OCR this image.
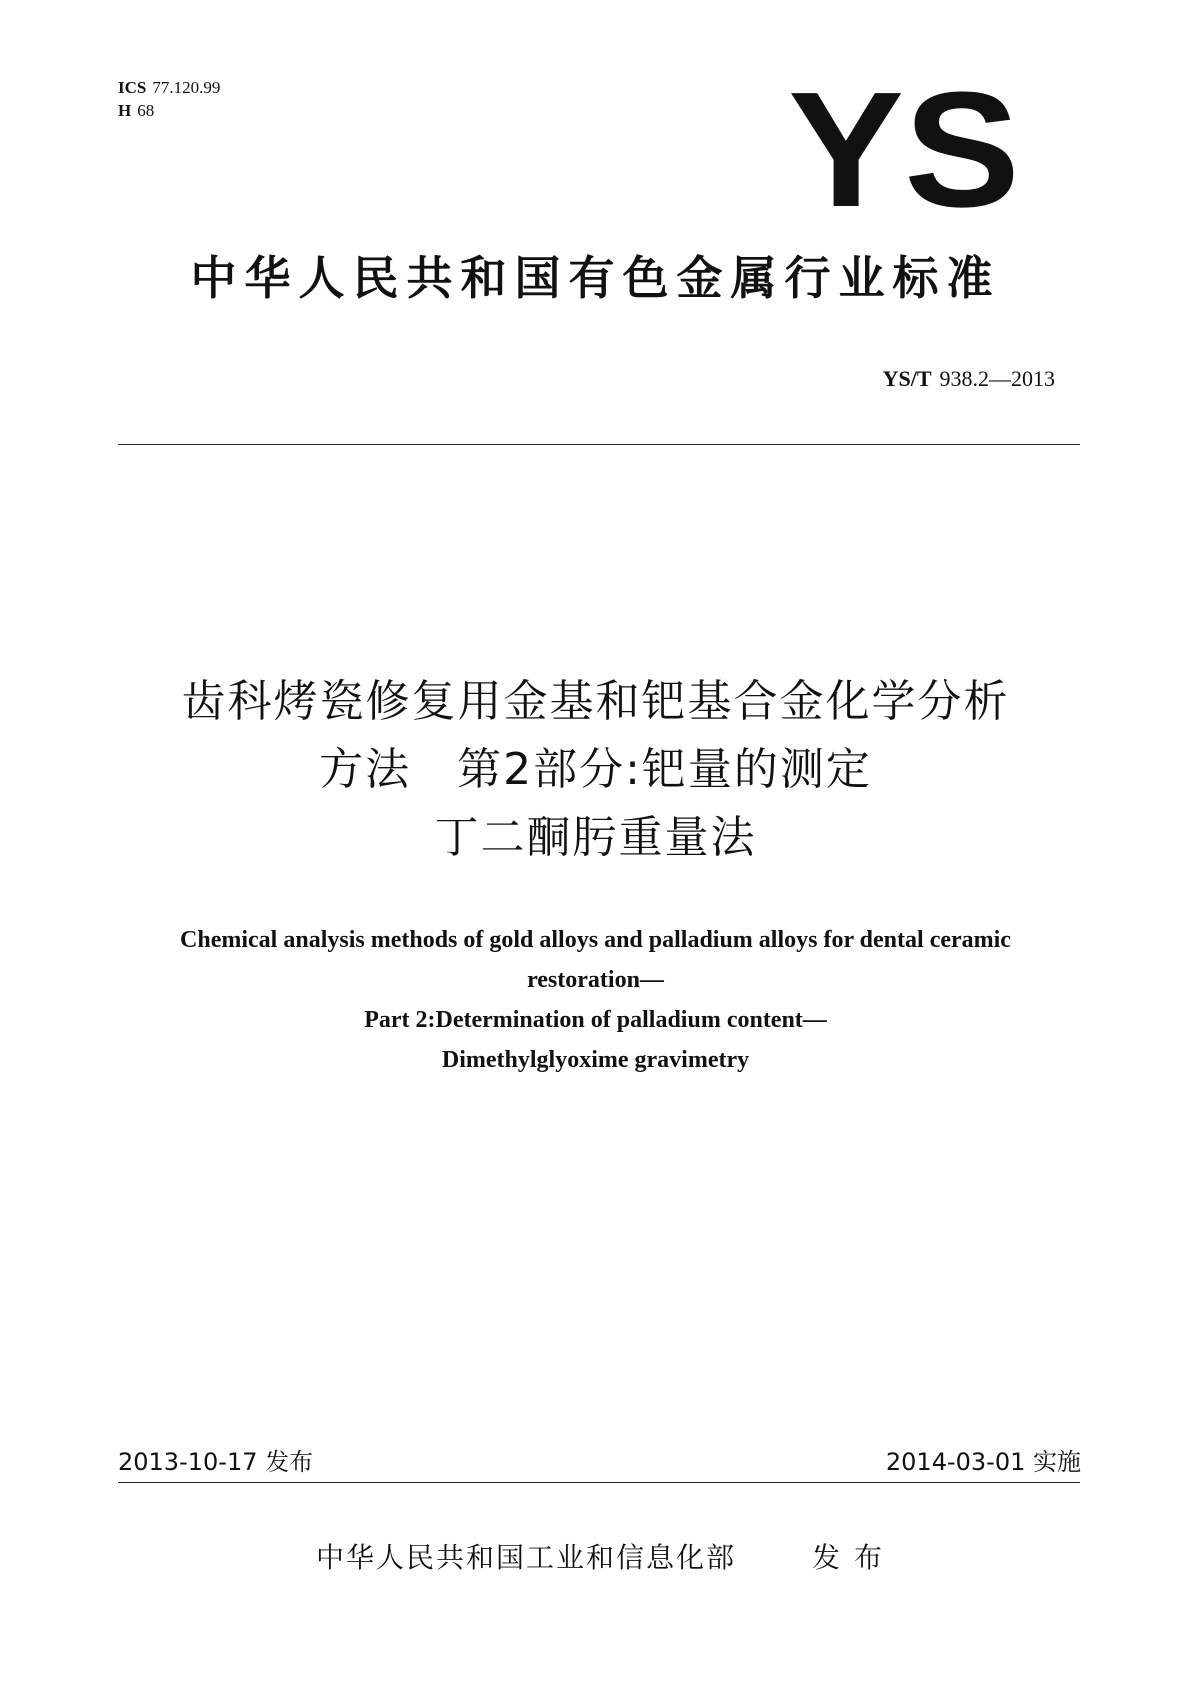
ICS 77.120.99
H 68	YS
中华人民共和国有色金属行业标准
YS/T 938.2—2013
齿科烤瓷修复用金基和钯基合金化学分析
方法　第2部分:钯量的测定
丁二酮肟重量法
Chemical analysis methods of gold alloys and palladium alloys for dental ceramic
restoration—
Part 2:Determination of palladium content—
Dimethylglyoxime gravimetry
2013-10-17 发布	2014-03-01 实施
中华人民共和国工业和信息化部	发布
